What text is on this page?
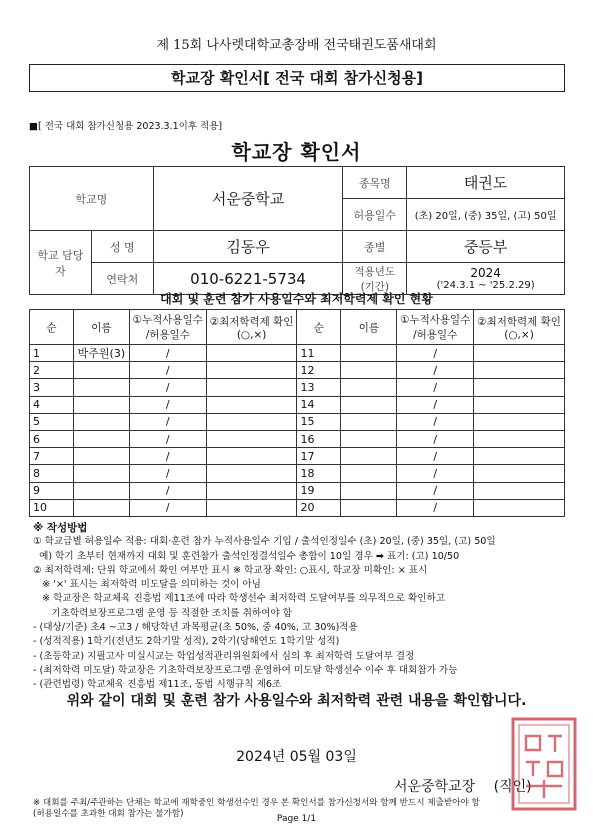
제 15회 나사렛대학교총장배 전국태권도품새대회
학교장 확인서[ 전국 대회 참가신청용]
■[ 전국 대회 참가신청용 2023.3.1이후 적용]
학교장 확인서
학교명		서운중학교	종목명	태권도
			허용일수	(초) 20일, (중) 35일, (고) 50일
학교 담당자	성 명	김동우	종별	중등부
	연락처	010-6221-5734	적용년도 (기간)	2024
('24.3.1 ~ '25.2.29)
대회 및 훈련 참가 사용일수와 최저학력제 확인 현황
순	이름	①누적사용일수 /허용일수	②최저학력제 확인(○,×)	순	이름	①누적사용일수 /허용일수	②최저학력제 확인(○,×)
1	박주원(3)	/		11		/	
2		/		12		/	
3		/		13		/	
4		/		14		/	
5		/		15		/	
6		/		16		/	
7		/		17		/	
8		/		18		/	
9		/		19		/	
10		/		20		/	

※ 작성방법

① 학교급별 허용일수 적용: 대회·훈련 참가 누적사용일수 기입 / 출석인정일수 (초) 20일, (중) 35일, (고) 50일

예) 학기 초부터 현재까지 대회 및 훈련참가 출석인정결석일수 총합이 10일 경우 ➡ 표기: (고) 10/50

② 최저학력제: 단위 학교에서 확인 여부만 표시 ※ 학교장 확인: ○표시, 학교장 미확인: × 표시

※ '×' 표시는 최저학력 미도달을 의미하는 것이 아님

※ 학교장은 학교체육 진흥법 제11조에 따라 학생선수 최저학력 도달여부를 의무적으로 확인하고

기초학력보장프로그램 운영 등 적절한 조치를 취하여야 함

- (대상/기준) 초4 ~고3 / 해당학년 과목평균(초 50%, 중 40%, 고 30%)적용

- (성적적용) 1학기(전년도 2학기말 성적), 2학기(당해연도 1학기말 성적)

- (초등학교) 지필고사 미실시교는 학업성적관리위원회에서 심의 후 최저학력 도달여부 결정

- (최저학력 미도달) 학교장은 기초학력보장프로그램 운영하여 미도달 학생선수 이수 후 대회참가 가능

- (관련법령) 학교체육 진흥법 제11조, 동법 시행규칙 제6조

위와 같이 대회 및 훈련 참가 사용일수와 최저학력 관련 내용을 확인합니다.
2024년 05월 03일
서운중학교장 (직인)
※ 대회를 주최/주관하는 단체는 학교에 재학중인 학생선수인 경우 본 확인서를 참가신청서와 함께 반드시 제출받아야 함
(허용일수를 초과한 대회 참가는 불가함)	Page 1/1
